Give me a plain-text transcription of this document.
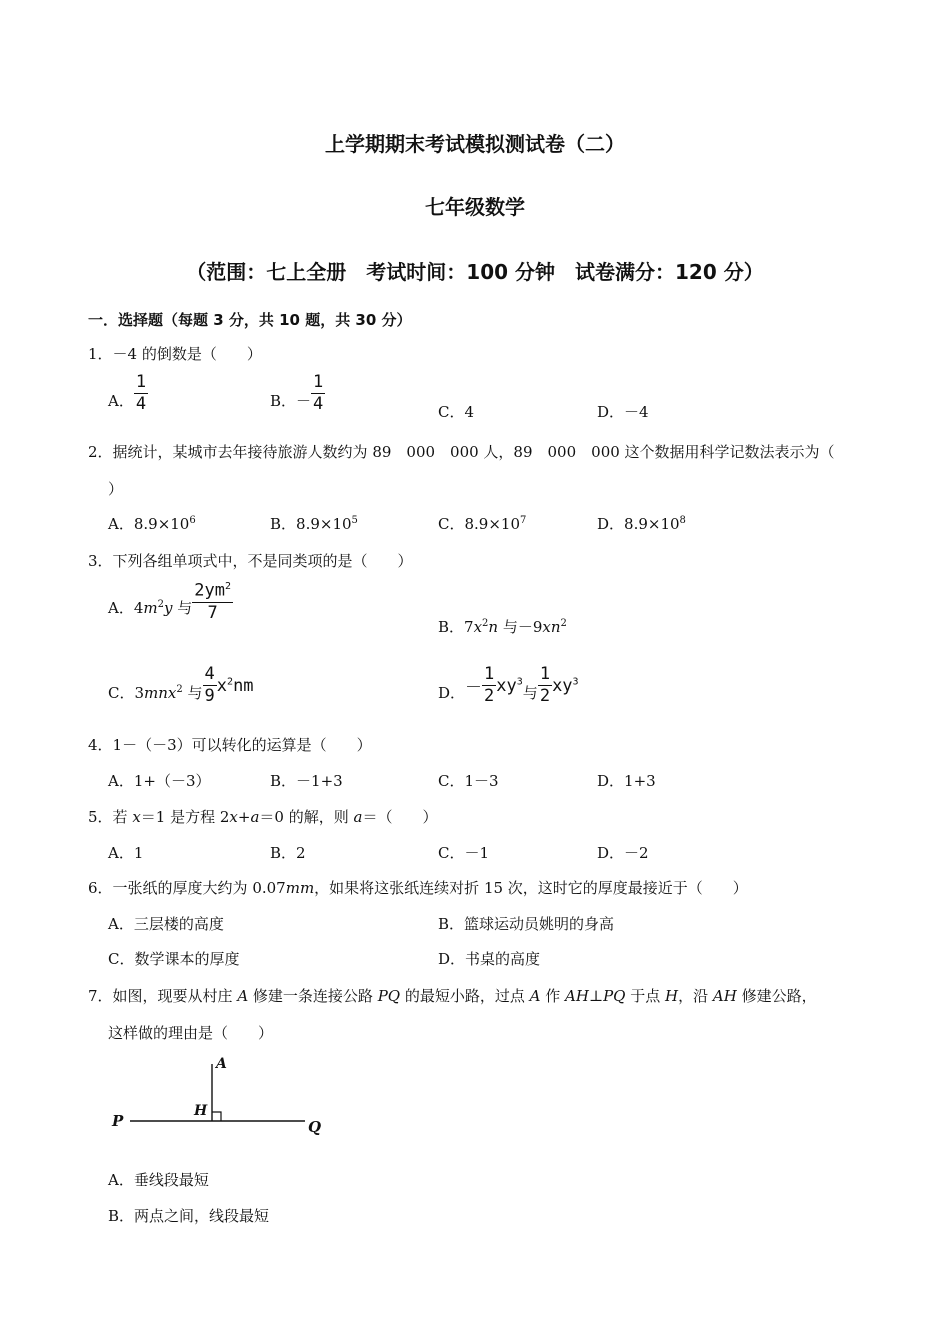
上学期期末考试模拟测试卷（二）
七年级数学
（范围：七上全册　考试时间：100 分钟　试卷满分：120 分）
一．选择题（每题 3 分，共 10 题，共 30 分）
1．－4 的倒数是（　　）
A． $\frac{1}{4}$	B．－ $\frac{1}{4}$	C．4	D．－4
2．据统计，某城市去年接待旅游人数约为 89　000　000 人，89　000　000 这个数据用科学记数法表示为（
）
A．$8.9\times 10^6$	B．$8.9\times 10^5$	C．$8.9\times 10^7$	D．$8.9\times 10^8$
3．下列各组单项式中，不是同类项的是（　　）
A．$4m^2y$ 与 $\frac{2ym^2}{7}$
B．$7x^2n$ 与$-9xn^2$
C．3mnx$^2$ 与 $\frac{4}{9} x^2nm$	D．－ $\frac{1}{2} xy^3$与 $\frac{1}{2} xy^3$
4．1－（－3）可以转化的运算是（　　）
A．1+（－3）	B．－1+3	C．1－3	D．1+3
5．若 x＝1 是方程 2x+a＝0 的解，则 a＝（　　）
A．1	B．2	C．－1	D．－2
6．一张纸的厚度大约为 0.07mm，如果将这张纸连续对折 15 次，这时它的厚度最接近于（　　）
A．三层楼的高度	B．篮球运动员姚明的身高
C．数学课本的厚度	D．书桌的高度
7．如图，现要从村庄 A 修建一条连接公路 PQ 的最短小路，过点 A 作 AH⊥PQ 于点 H，沿 AH 修建公路，
这样做的理由是（　　）
A
H
P	Q
A．垂线段最短
B．两点之间，线段最短
